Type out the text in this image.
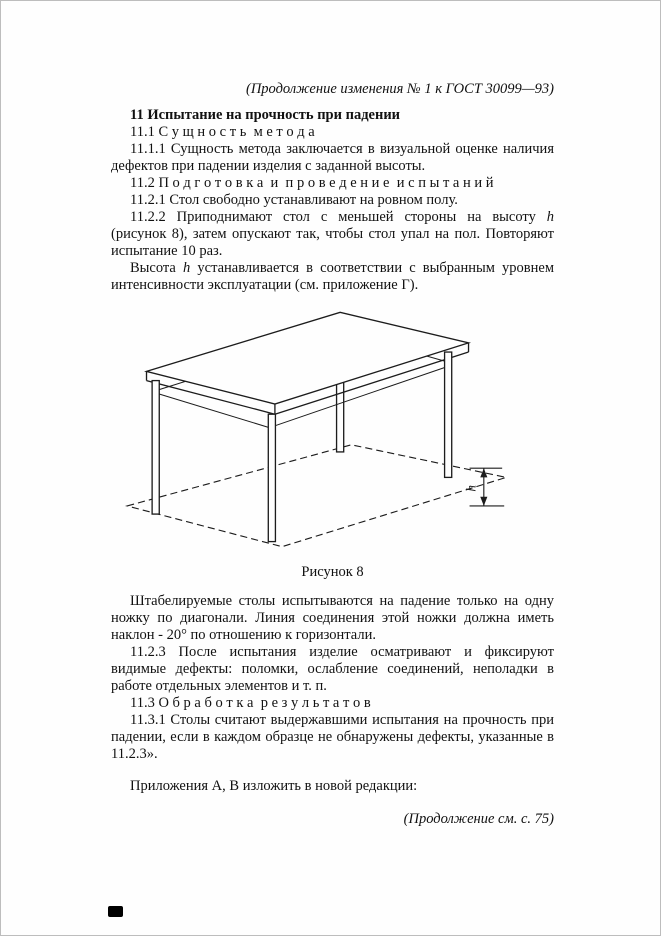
(Продолжение изменения № 1 к ГОСТ 30099—93)

11 Испытание на прочность при падении

11.1 С у щ н о с т ь  м е т о д а

11.1.1 Сущность метода заключается в визуальной оценке наличия дефектов при падении изделия с заданной высоты.

11.2 П о д г о т о в к а  и  п р о в е д е н и е  и с п ы т а н и й

11.2.1 Стол свободно устанавливают на ровном полу.

11.2.2 Приподнимают стол с меньшей стороны на высоту h (рисунок 8), затем опускают так, чтобы стол упал на пол. Повторяют испытание 10 раз.

Высота h устанавливается в соответствии с выбранным уровнем интенсивности эксплуатации (см. приложение Г).

h

Рисунок 8

Штабелируемые столы испытываются на падение только на одну ножку по диагонали. Линия соединения этой ножки должна иметь наклон - 20° по отношению к горизонтали.

11.2.3 После испытания изделие осматривают и фиксируют видимые дефекты: поломки, ослабление соединений, неполадки в работе отдельных элементов и т. п.

11.3 О б р а б о т к а  р е з у л ь т а т о в

11.3.1 Столы считают выдержавшими испытания на прочность при падении, если в каждом образце не обнаружены дефекты, указанные в 11.2.3».

Приложения А, В изложить в новой редакции:

(Продолжение см. с. 75)
